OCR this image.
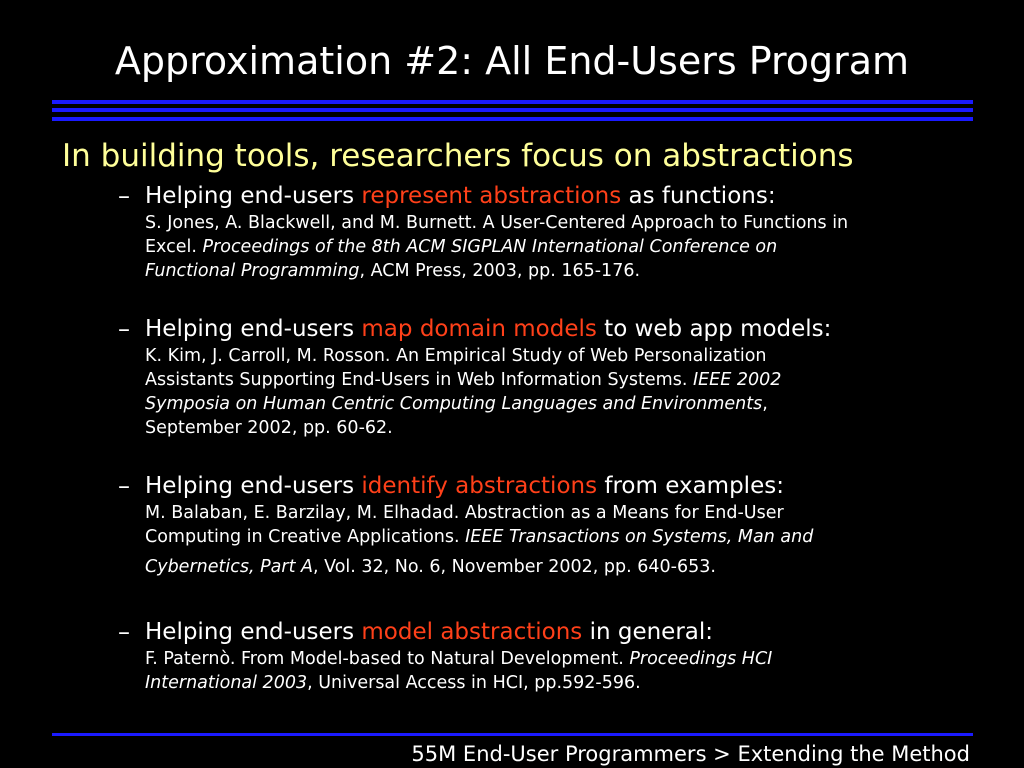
Approximation #2: All End-Users Program
In building tools, researchers focus on abstractions
– Helping end-users represent abstractions as functions:
S. Jones, A. Blackwell, and M. Burnett. A User-Centered Approach to Functions in
Excel. Proceedings of the 8th ACM SIGPLAN International Conference on
Functional Programming, ACM Press, 2003, pp. 165-176.
– Helping end-users map domain models to web app models:
K. Kim, J. Carroll, M. Rosson. An Empirical Study of Web Personalization
Assistants Supporting End-Users in Web Information Systems. IEEE 2002
Symposia on Human Centric Computing Languages and Environments,
September 2002, pp. 60-62.
– Helping end-users identify abstractions from examples:
M. Balaban, E. Barzilay, M. Elhadad. Abstraction as a Means for End-User
Computing in Creative Applications. IEEE Transactions on Systems, Man and
Cybernetics, Part A, Vol. 32, No. 6, November 2002, pp. 640-653.
– Helping end-users model abstractions in general:
F. Paternò. From Model-based to Natural Development. Proceedings HCI
International 2003, Universal Access in HCI, pp.592-596.
55M End-User Programmers > Extending the Method
